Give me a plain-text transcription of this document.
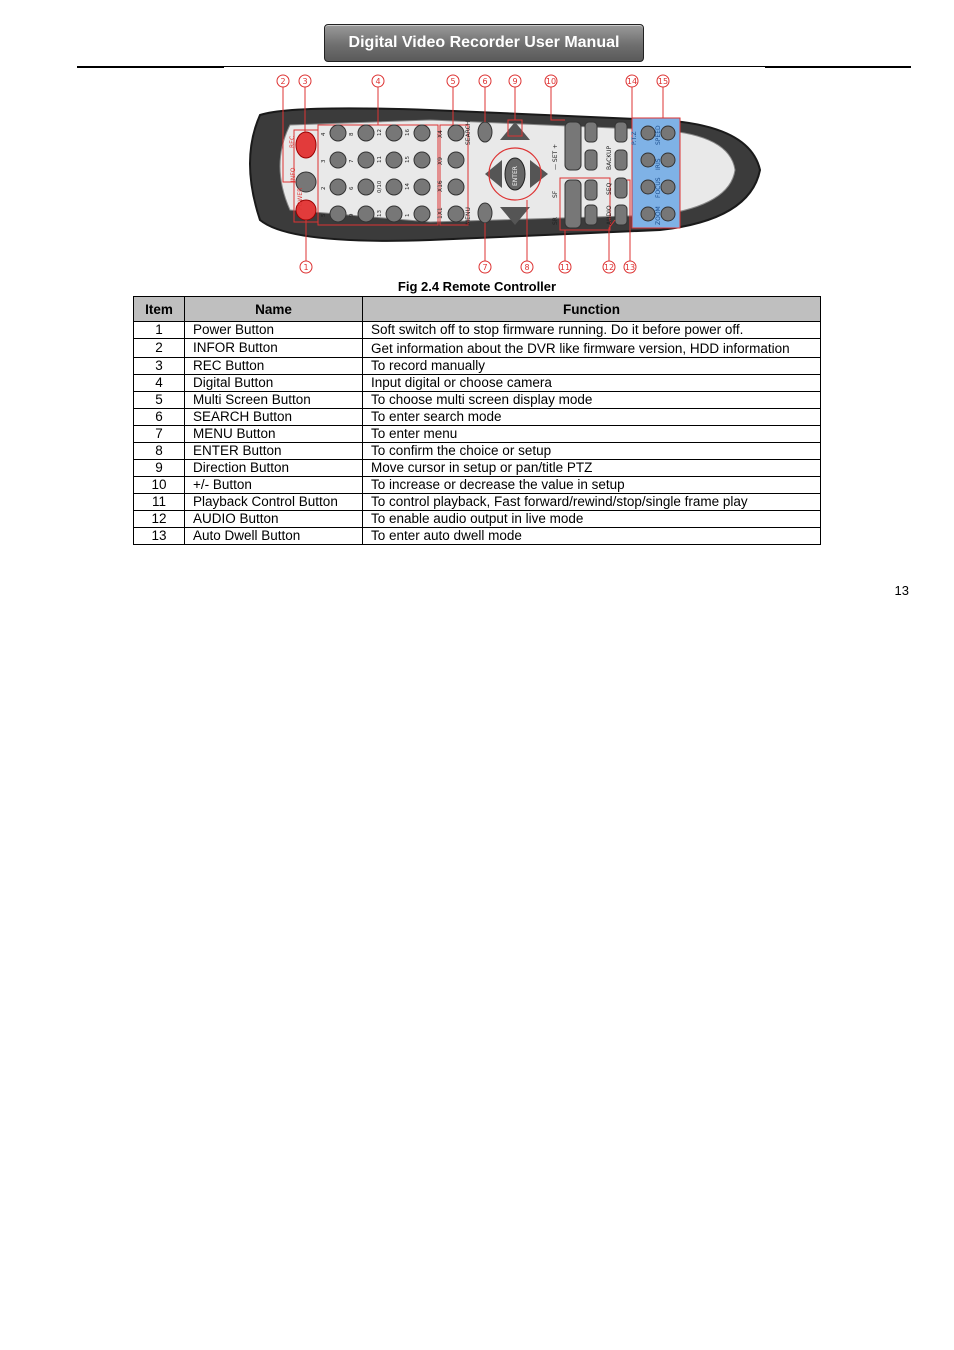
Digital Video Recorder User Manual
REC
INFO
POWER
2 3	4	5	6	9	10	14	15
1	7	8	11	12 13
SEARCH
MENU
ENTER
— SET +
SR
SF
BACKUP
SEQ
AUDIO
P.T.Z	SPEED
IRIS
FOCUS
ZOOM
X4
X9
X16
1X1
4	8	12	16
3	7	11	15
2	6	0/10	14
5	9	13	1
Fig 2.4 Remote Controller
Item	Name	Function
1	Power Button	Soft switch off to stop firmware running. Do it before power off.
2	INFOR Button	Get information about the DVR like firmware version, HDD information
3	REC Button	To record manually
4	Digital Button	Input digital or choose camera
5	Multi Screen Button	To choose multi screen display mode
6	SEARCH Button	To enter search mode
7	MENU Button	To enter menu
8	ENTER Button	To confirm the choice or setup
9	Direction Button	Move cursor in setup or pan/title PTZ
10	+/- Button	To increase or decrease the value in setup
11	Playback Control Button	To control playback, Fast forward/rewind/stop/single frame play
12	AUDIO Button	To enable audio output in live mode
13	Auto Dwell Button	To enter auto dwell mode
13
